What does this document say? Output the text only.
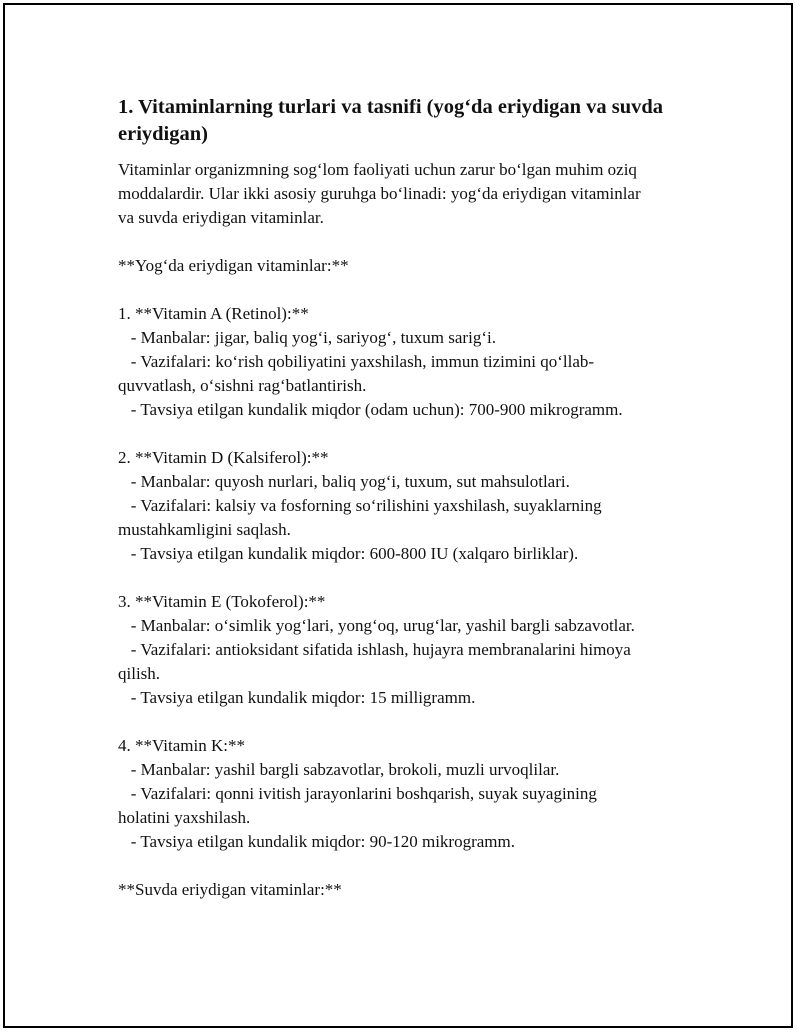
1. Vitaminlarning turlari va tasnifi (yog‘da eriydigan va suvda
eriydigan)
Vitaminlar organizmning sog‘lom faoliyati uchun zarur bo‘lgan muhim oziq
moddalardir. Ular ikki asosiy guruhga bo‘linadi: yog‘da eriydigan vitaminlar
va suvda eriydigan vitaminlar.
**Yog‘da eriydigan vitaminlar:**
1. **Vitamin A (Retinol):**
- Manbalar: jigar, baliq yog‘i, sariyog‘, tuxum sarig‘i.
- Vazifalari: ko‘rish qobiliyatini yaxshilash, immun tizimini qo‘llab-
quvvatlash, o‘sishni rag‘batlantirish.
- Tavsiya etilgan kundalik miqdor (odam uchun): 700-900 mikrogramm.
2. **Vitamin D (Kalsiferol):**
- Manbalar: quyosh nurlari, baliq yog‘i, tuxum, sut mahsulotlari.
- Vazifalari: kalsiy va fosforning so‘rilishini yaxshilash, suyaklarning
mustahkamligini saqlash.
- Tavsiya etilgan kundalik miqdor: 600-800 IU (xalqaro birliklar).
3. **Vitamin E (Tokoferol):**
- Manbalar: o‘simlik yog‘lari, yong‘oq, urug‘lar, yashil bargli sabzavotlar.
- Vazifalari: antioksidant sifatida ishlash, hujayra membranalarini himoya
qilish.
- Tavsiya etilgan kundalik miqdor: 15 milligramm.
4. **Vitamin K:**
- Manbalar: yashil bargli sabzavotlar, brokoli, muzli urvoqlilar.
- Vazifalari: qonni ivitish jarayonlarini boshqarish, suyak suyagining
holatini yaxshilash.
- Tavsiya etilgan kundalik miqdor: 90-120 mikrogramm.
**Suvda eriydigan vitaminlar:**
